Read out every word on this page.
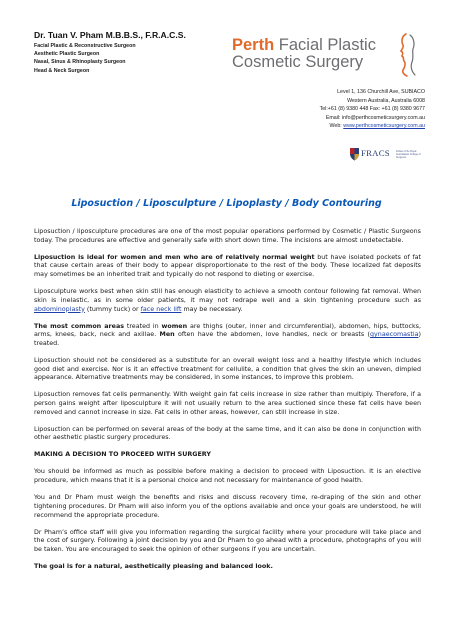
Dr. Tuan V. Pham M.B.B.S., F.R.A.C.S.
Facial Plastic & Reconstructive Surgeon
Aesthetic Plastic Surgeon
Nasal, Sinus & Rhinoplasty Surgeon
Head & Neck Surgeon
Perth Facial Plastic
Cosmetic Surgery
Level 1, 136 Churchill Ave, SUBIACO
Western Australia, Australia 6008
Tel:+61 (8) 9380 448 Fax: +61 (8) 9380 9677
Email: info@perthcosmeticsurgery.com.au
Web: www.perthcosmeticsurgery.com.au
FRACS	Fellow of the Royal Australasian College of Surgeons
Liposuction / Liposculpture / Lipoplasty / Body Contouring

Liposuction / liposculpture procedures are one of the most popular operations performed by Cosmetic / Plastic Surgeons today. The procedures are effective and generally safe with short down time. The incisions are almost undetectable.

Liposuction is ideal for women and men who are of relatively normal weight but have isolated pockets of fat that cause certain areas of their body to appear disproportionate to the rest of the body. These localized fat deposits may sometimes be an inherited trait and typically do not respond to dieting or exercise.

Liposculpture works best when skin still has enough elasticity to achieve a smooth contour following fat removal. When skin is inelastic, as in some older patients, it may not redrape well and a skin tightening procedure such as abdominoplasty (tummy tuck) or face neck lift may be necessary.

The most common areas treated in women are thighs (outer, inner and circumferential), abdomen, hips, buttocks, arms, knees, back, neck and axillae. Men often have the abdomen, love handles, neck or breasts (gynaecomastia) treated.

Liposuction should not be considered as a substitute for an overall weight loss and a healthy lifestyle which includes good diet and exercise. Nor is it an effective treatment for cellulite, a condition that gives the skin an uneven, dimpled appearance. Alternative treatments may be considered, in some instances, to improve this problem.

Liposuction removes fat cells permanently. With weight gain fat cells increase in size rather than multiply. Therefore, if a person gains weight after liposculpture it will not usually return to the area suctioned since these fat cells have been removed and cannot increase in size. Fat cells in other areas, however, can still increase in size.

Liposuction can be performed on several areas of the body at the same time, and it can also be done in conjunction with other aesthetic plastic surgery procedures.

MAKING A DECISION TO PROCEED WITH SURGERY

You should be informed as much as possible before making a decision to proceed with Liposuction. It is an elective procedure, which means that it is a personal choice and not necessary for maintenance of good health.

You and Dr Pham must weigh the benefits and risks and discuss recovery time, re-draping of the skin and other tightening procedures. Dr Pham will also inform you of the options available and once your goals are understood, he will recommend the appropriate procedure.

Dr Pham’s office staff will give you information regarding the surgical facility where your procedure will take place and the cost of surgery. Following a joint decision by you and Dr Pham to go ahead with a procedure, photographs of you will be taken. You are encouraged to seek the opinion of other surgeons if you are uncertain.

The goal is for a natural, aesthetically pleasing and balanced look.
